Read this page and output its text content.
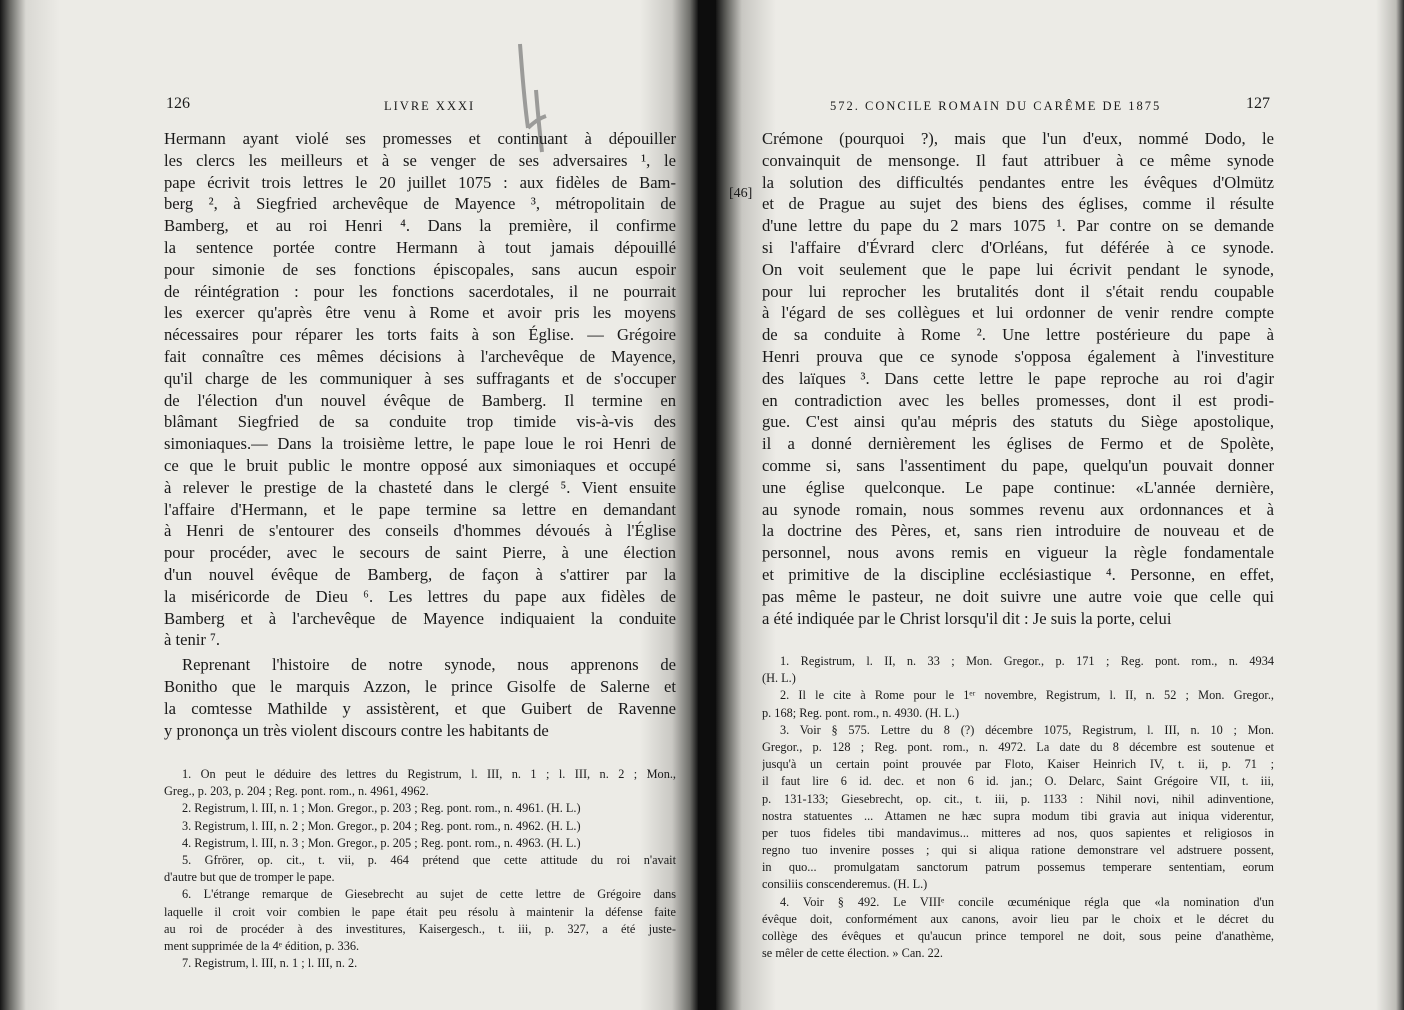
126	LIVRE XXXI
Hermann ayant violé ses promesses et continuant à dépouiller
les clercs les meilleurs et à se venger de ses adversaires ¹, le
pape écrivit trois lettres le 20 juillet 1075 : aux fidèles de Bam-
berg ², à Siegfried archevêque de Mayence ³, métropolitain de
Bamberg, et au roi Henri ⁴. Dans la première, il confirme
la sentence portée contre Hermann à tout jamais dépouillé
pour simonie de ses fonctions épiscopales, sans aucun espoir
de réintégration : pour les fonctions sacerdotales, il ne pourrait
les exercer qu'après être venu à Rome et avoir pris les moyens
nécessaires pour réparer les torts faits à son Église. — Grégoire
fait connaître ces mêmes décisions à l'archevêque de Mayence,
qu'il charge de les communiquer à ses suffragants et de s'occuper
de l'élection d'un nouvel évêque de Bamberg. Il termine en
blâmant Siegfried de sa conduite trop timide vis-à-vis des
simoniaques.— Dans la troisième lettre, le pape loue le roi Henri de
ce que le bruit public le montre opposé aux simoniaques et occupé
à relever le prestige de la chasteté dans le clergé ⁵. Vient ensuite
l'affaire d'Hermann, et le pape termine sa lettre en demandant
à Henri de s'entourer des conseils d'hommes dévoués à l'Église
pour procéder, avec le secours de saint Pierre, à une élection
d'un nouvel évêque de Bamberg, de façon à s'attirer par la
la miséricorde de Dieu ⁶. Les lettres du pape aux fidèles de
Bamberg et à l'archevêque de Mayence indiquaient la conduite
à tenir ⁷.
Reprenant l'histoire de notre synode, nous apprenons de
Bonitho que le marquis Azzon, le prince Gisolfe de Salerne et
la comtesse Mathilde y assistèrent, et que Guibert de Ravenne
y prononça un très violent discours contre les habitants de
1. On peut le déduire des lettres du Registrum, l. III, n. 1 ; l. III, n. 2 ; Mon.,
Greg., p. 203, p. 204 ; Reg. pont. rom., n. 4961, 4962.
2. Registrum, l. III, n. 1 ; Mon. Gregor., p. 203 ; Reg. pont. rom., n. 4961. (H. L.)
3. Registrum, l. III, n. 2 ; Mon. Gregor., p. 204 ; Reg. pont. rom., n. 4962. (H. L.)
4. Registrum, l. III, n. 3 ; Mon. Gregor., p. 205 ; Reg. pont. rom., n. 4963. (H. L.)
5. Gfrörer, op. cit., t. vii, p. 464 prétend que cette attitude du roi n'avait
d'autre but que de tromper le pape.
6. L'étrange remarque de Giesebrecht au sujet de cette lettre de Grégoire dans
laquelle il croit voir combien le pape était peu résolu à maintenir la défense faite
au roi de procéder à des investitures, Kaisergesch., t. iii, p. 327, a été juste-
ment supprimée de la 4ᵉ édition, p. 336.
7. Registrum, l. III, n. 1 ; l. III, n. 2.
572. CONCILE ROMAIN DU CARÊME DE 1875	127
Crémone (pourquoi ?), mais que l'un d'eux, nommé Dodo, le
convainquit de mensonge. Il faut attribuer à ce même synode
la solution des difficultés pendantes entre les évêques d'Olmütz
et de Prague au sujet des biens des églises, comme il résulte
d'une lettre du pape du 2 mars 1075 ¹. Par contre on se demande
si l'affaire d'Évrard clerc d'Orléans, fut déférée à ce synode.
On voit seulement que le pape lui écrivit pendant le synode,
pour lui reprocher les brutalités dont il s'était rendu coupable
à l'égard de ses collègues et lui ordonner de venir rendre compte
de sa conduite à Rome ². Une lettre postérieure du pape à
Henri prouva que ce synode s'opposa également à l'investiture
des laïques ³. Dans cette lettre le pape reproche au roi d'agir
en contradiction avec les belles promesses, dont il est prodi-
gue. C'est ainsi qu'au mépris des statuts du Siège apostolique,
il a donné dernièrement les églises de Fermo et de Spolète,
comme si, sans l'assentiment du pape, quelqu'un pouvait donner
une église quelconque. Le pape continue: «L'année dernière,
au synode romain, nous sommes revenu aux ordonnances et à
la doctrine des Pères, et, sans rien introduire de nouveau et de
personnel, nous avons remis en vigueur la règle fondamentale
et primitive de la discipline ecclésiastique ⁴. Personne, en effet,
pas même le pasteur, ne doit suivre une autre voie que celle qui
a été indiquée par le Christ lorsqu'il dit : Je suis la porte, celui
1. Registrum, l. II, n. 33 ; Mon. Gregor., p. 171 ; Reg. pont. rom., n. 4934
(H. L.)
2. Il le cite à Rome pour le 1ᵉʳ novembre, Registrum, l. II, n. 52 ; Mon. Gregor.,
p. 168; Reg. pont. rom., n. 4930. (H. L.)
3. Voir § 575. Lettre du 8 (?) décembre 1075, Registrum, l. III, n. 10 ; Mon.
Gregor., p. 128 ; Reg. pont. rom., n. 4972. La date du 8 décembre est soutenue et
jusqu'à un certain point prouvée par Floto, Kaiser Heinrich IV, t. ii, p. 71 ;
il faut lire 6 id. dec. et non 6 id. jan.; O. Delarc, Saint Grégoire VII, t. iii,
p. 131-133; Giesebrecht, op. cit., t. iii, p. 1133 : Nihil novi, nihil adinventione,
nostra statuentes ... Attamen ne hæc supra modum tibi gravia aut iniqua viderentur,
per tuos fideles tibi mandavimus... mitteres ad nos, quos sapientes et religiosos in
regno tuo invenire posses ; qui si aliqua ratione demonstrare vel adstruere possent,
in quo... promulgatam sanctorum patrum possemus temperare sententiam, eorum
consiliis conscenderemus. (H. L.)
4. Voir § 492. Le VIIIᵉ concile œcuménique régla que «la nomination d'un
évêque doit, conformément aux canons, avoir lieu par le choix et le décret du
collège des évêques et qu'aucun prince temporel ne doit, sous peine d'anathème,
se mêler de cette élection. » Can. 22.
[46]
